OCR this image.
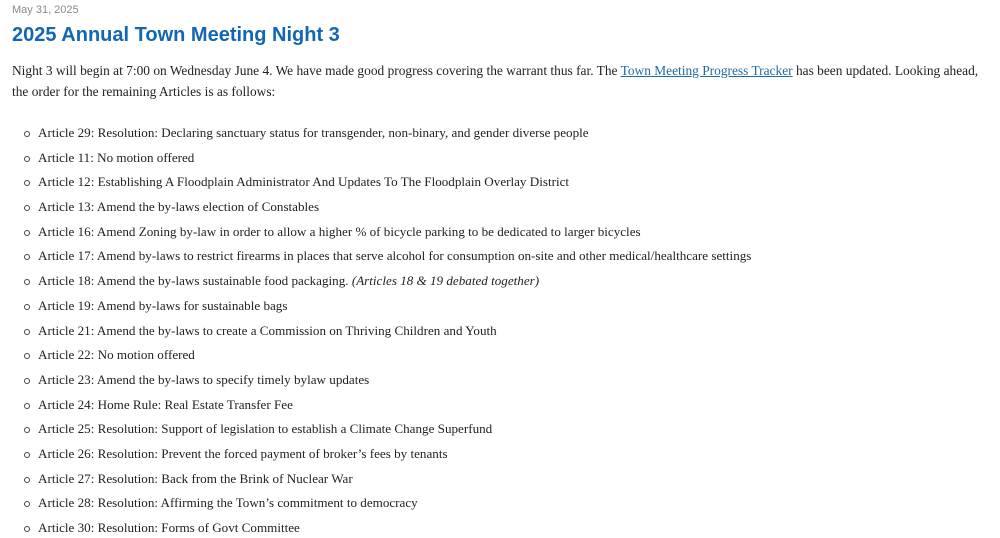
May 31, 2025
2025 Annual Town Meeting Night 3

Night 3 will begin at 7:00 on Wednesday June 4. We have made good progress covering the warrant thus far. The Town Meeting Progress Tracker has been updated. Looking ahead, the order for the remaining Articles is as follows:

Article 29: Resolution: Declaring sanctuary status for transgender, non-binary, and gender diverse people
Article 11: No motion offered
Article 12: Establishing A Floodplain Administrator And Updates To The Floodplain Overlay District
Article 13: Amend the by-laws election of Constables
Article 16: Amend Zoning by-law in order to allow a higher % of bicycle parking to be dedicated to larger bicycles
Article 17: Amend by-laws to restrict firearms in places that serve alcohol for consumption on-site and other medical/healthcare settings
Article 18: Amend the by-laws sustainable food packaging. (Articles 18 & 19 debated together)
Article 19: Amend by-laws for sustainable bags
Article 21: Amend the by-laws to create a Commission on Thriving Children and Youth
Article 22: No motion offered
Article 23: Amend the by-laws to specify timely bylaw updates
Article 24: Home Rule: Real Estate Transfer Fee
Article 25: Resolution: Support of legislation to establish a Climate Change Superfund
Article 26: Resolution: Prevent the forced payment of broker’s fees by tenants
Article 27: Resolution: Back from the Brink of Nuclear War
Article 28: Resolution: Affirming the Town’s commitment to democracy
Article 30: Resolution: Forms of Govt Committee
